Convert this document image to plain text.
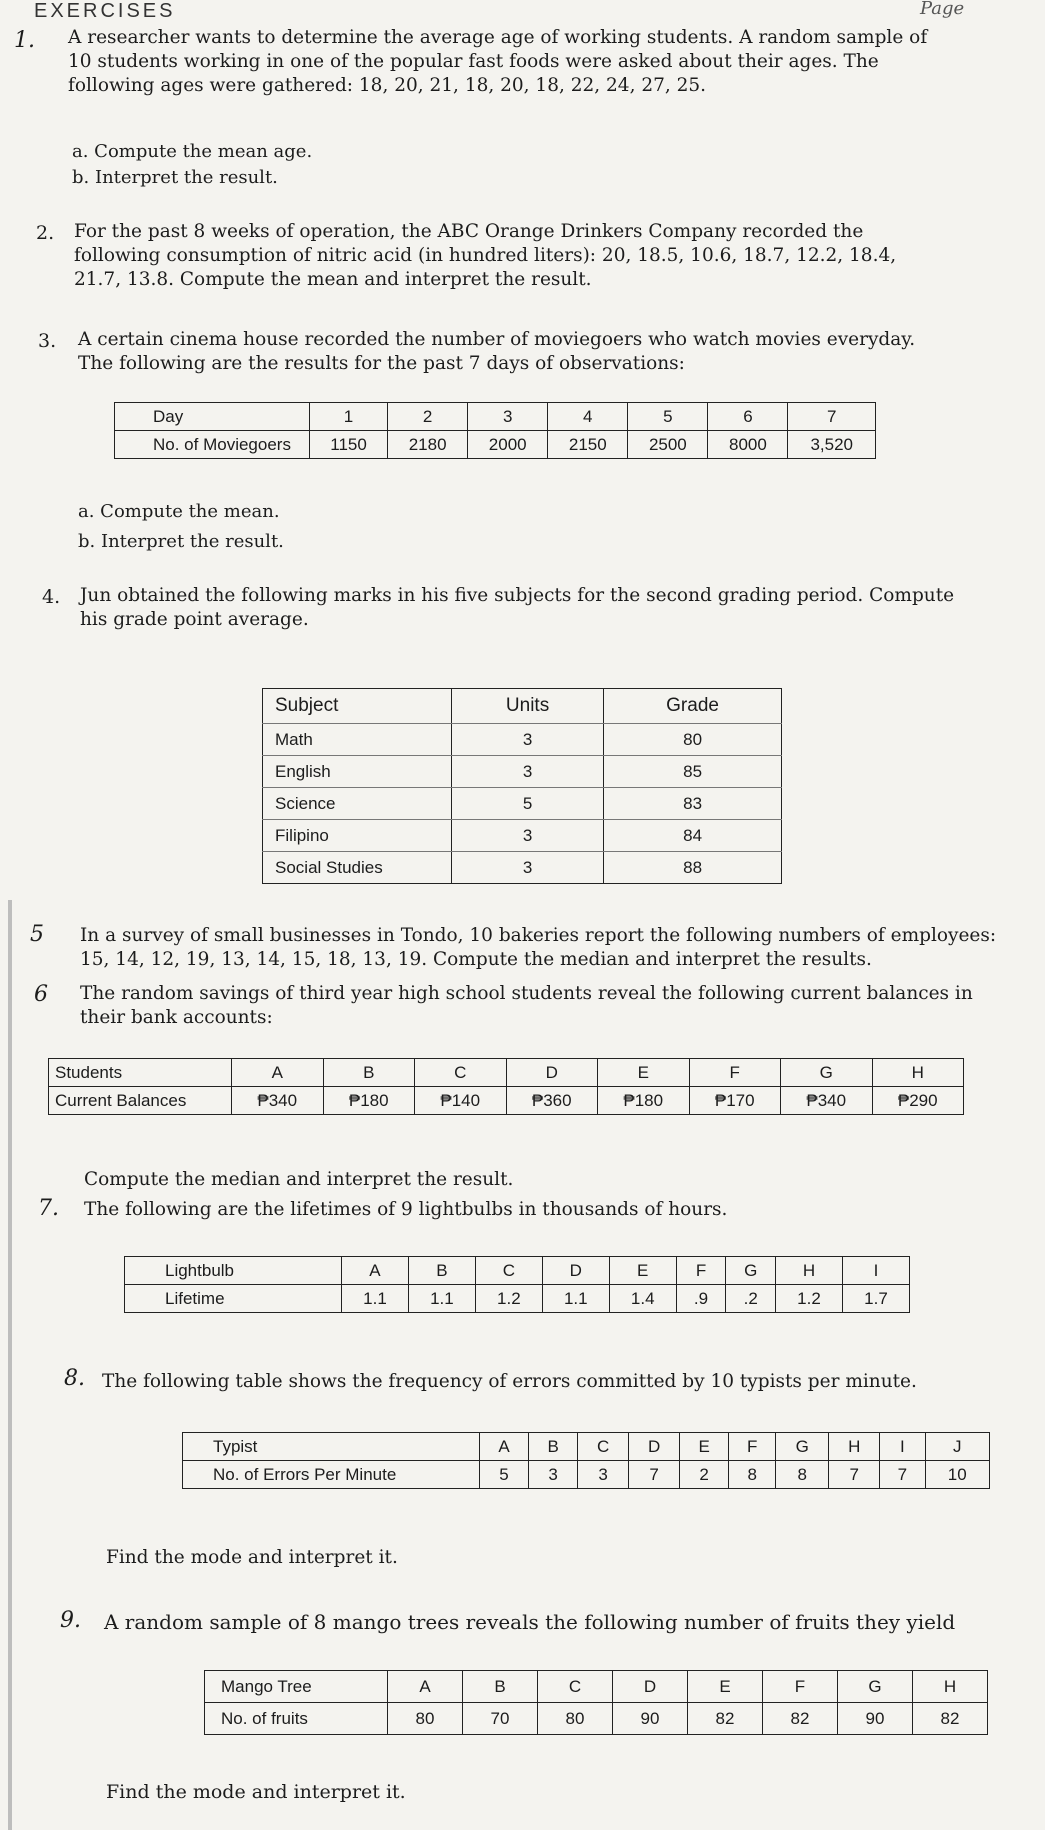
EXERCISES	Page
1. A researcher wants to determine the average age of working students. A random sample of 10 students working in one of the popular fast foods were asked about their ages. The following ages were gathered: 18, 20, 21, 18, 20, 18, 22, 24, 27, 25.
a. Compute the mean age.
b. Interpret the result.
2. For the past 8 weeks of operation, the ABC Orange Drinkers Company recorded the following consumption of nitric acid (in hundred liters): 20, 18.5, 10.6, 18.7, 12.2, 18.4, 21.7, 13.8. Compute the mean and interpret the result.
3. A certain cinema house recorded the number of moviegoers who watch movies everyday. The following are the results for the past 7 days of observations:
Day	1	2	3	4	5	6	7
No. of Moviegoers	1150	2180	2000	2150	2500	8000	3,520
a. Compute the mean.
b. Interpret the result.
4. Jun obtained the following marks in his five subjects for the second grading period. Compute his grade point average.
Subject	Units	Grade
Math	3	80
English	3	85
Science	5	83
Filipino	3	84
Social Studies	3	88
5 In a survey of small businesses in Tondo, 10 bakeries report the following numbers of employees: 15, 14, 12, 19, 13, 14, 15, 18, 13, 19. Compute the median and interpret the results.
6 The random savings of third year high school students reveal the following current balances in their bank accounts:
Students	A	B	C	D	E	F	G	H
Current Balances	₱340	₱180	₱140	₱360	₱180	₱170	₱340	₱290
Compute the median and interpret the result.
7. The following are the lifetimes of 9 lightbulbs in thousands of hours.
Lightbulb	A	B	C	D	E	F	G	H	I
Lifetime	1.1	1.1	1.2	1.1	1.4	.9	.2	1.2	1.7
8. The following table shows the frequency of errors committed by 10 typists per minute.
Typist	A	B	C	D	E	F	G	H	I	J
No. of Errors Per Minute	5	3	3	7	2	8	8	7	7	10
Find the mode and interpret it.
9. A random sample of 8 mango trees reveals the following number of fruits they yield
Mango Tree	A	B	C	D	E	F	G	H
No. of fruits	80	70	80	90	82	82	90	82
Find the mode and interpret it.
